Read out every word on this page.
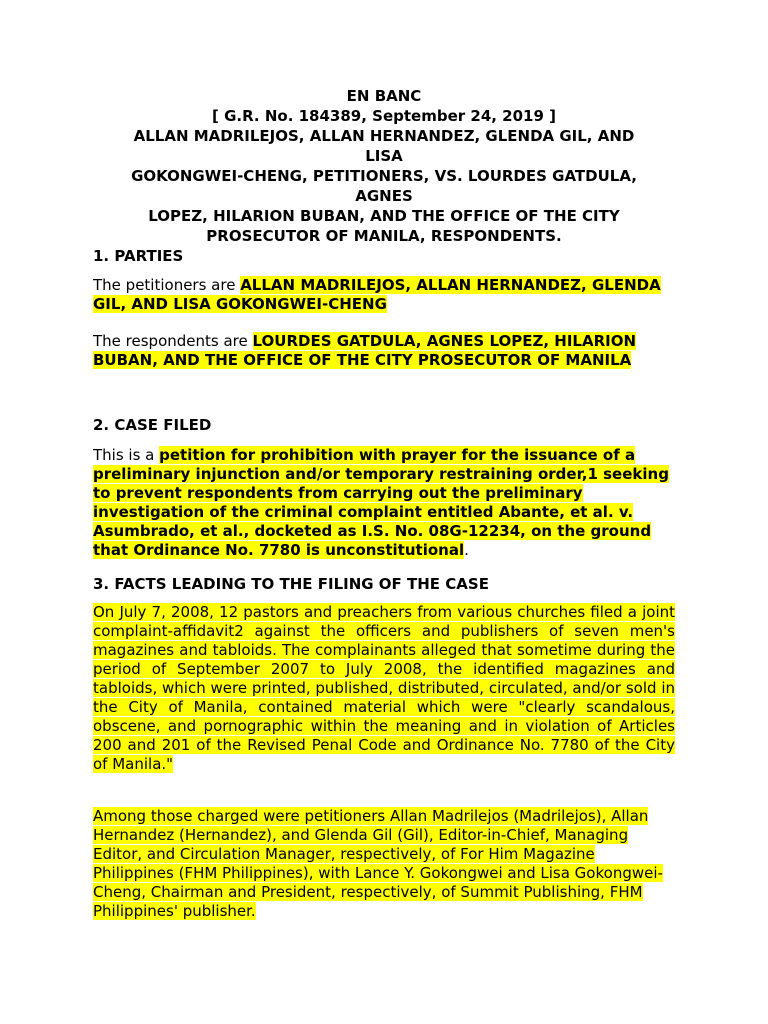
EN BANC
[ G.R. No. 184389, September 24, 2019 ]
ALLAN MADRILEJOS, ALLAN HERNANDEZ, GLENDA GIL, AND
LISA
GOKONGWEI-CHENG, PETITIONERS, VS. LOURDES GATDULA,
AGNES
LOPEZ, HILARION BUBAN, AND THE OFFICE OF THE CITY
PROSECUTOR OF MANILA, RESPONDENTS.
1. PARTIES

The petitioners are ALLAN MADRILEJOS, ALLAN HERNANDEZ, GLENDA GIL, AND LISA GOKONGWEI-CHENG

The respondents are LOURDES GATDULA, AGNES LOPEZ, HILARION BUBAN, AND THE OFFICE OF THE CITY PROSECUTOR OF MANILA

2. CASE FILED

This is a petition for prohibition with prayer for the issuance of a preliminary injunction and/or temporary restraining order,1 seeking to prevent respondents from carrying out the preliminary investigation of the criminal complaint entitled Abante, et al. v. Asumbrado, et al., docketed as I.S. No. 08G-12234, on the ground that Ordinance No. 7780 is unconstitutional.

3. FACTS LEADING TO THE FILING OF THE CASE

On July 7, 2008, 12 pastors and preachers from various churches filed a joint complaint-affidavit2 against the officers and publishers of seven men's magazines and tabloids. The complainants alleged that sometime during the period of September 2007 to July 2008, the identified magazines and tabloids, which were printed, published, distributed, circulated, and/or sold in the City of Manila, contained material which were "clearly scandalous, obscene, and pornographic within the meaning and in violation of Articles 200 and 201 of the Revised Penal Code and Ordinance No. 7780 of the City of Manila."

Among those charged were petitioners Allan Madrilejos (Madrilejos), Allan Hernandez (Hernandez), and Glenda Gil (Gil), Editor-in-Chief, Managing Editor, and Circulation Manager, respectively, of For Him Magazine Philippines (FHM Philippines), with Lance Y. Gokongwei and Lisa Gokongwei-Cheng, Chairman and President, respectively, of Summit Publishing, FHM Philippines' publisher.
